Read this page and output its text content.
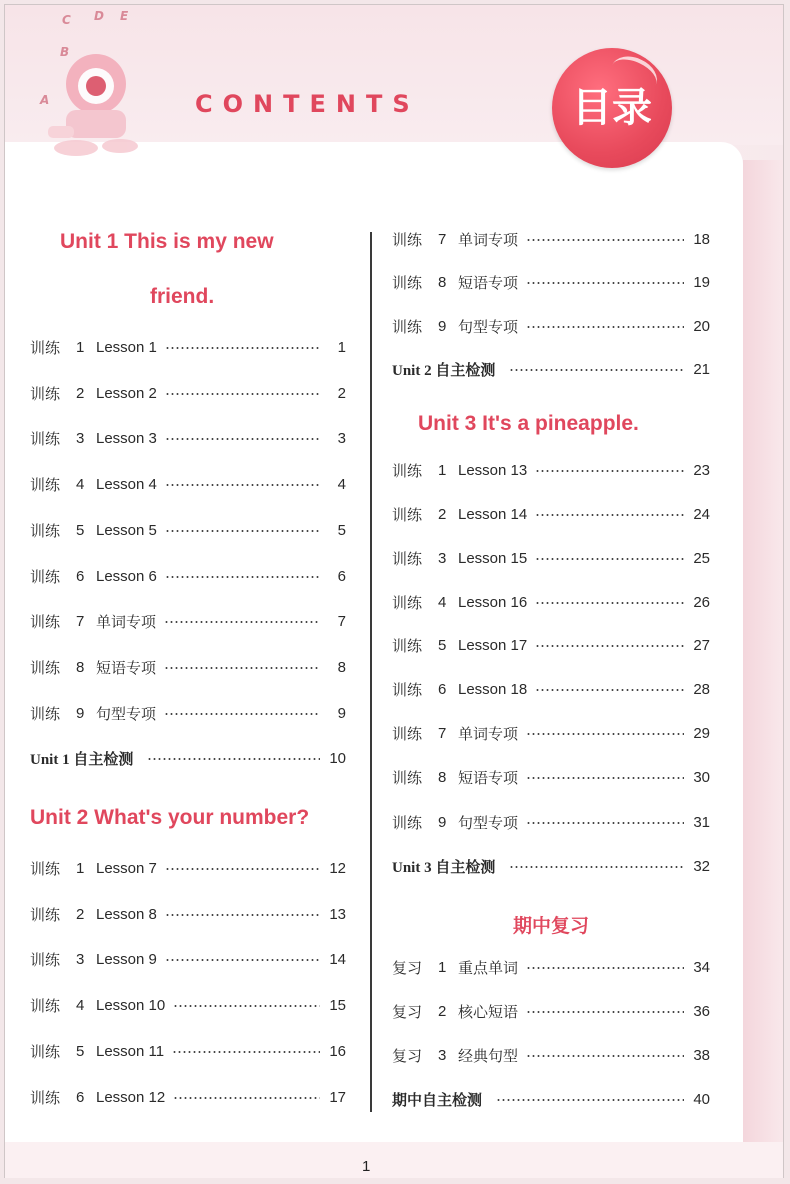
A
B
C D E
CONTENTS	目录
Unit 1 This is my new
friend.
训练	1 Lesson 1	1
训练	2 Lesson 2	2
训练	3 Lesson 3	3
训练	4 Lesson 4	4
训练	5 Lesson 5	5
训练	6 Lesson 6	6
训练	7 单词专项	7
训练	8 短语专项	8
训练	9 句型专项	9
Unit 1 自主检测	10
Unit 2 What's your number?
训练	1 Lesson 7	12
训练	2 Lesson 8	13
训练	3 Lesson 9	14
训练	4 Lesson 10	15
训练	5 Lesson 11	16
训练	6 Lesson 12	17
训练	7 单词专项	18
训练	8 短语专项	19
训练	9 句型专项	20
Unit 2 自主检测	21
Unit 3 It's a pineapple.
训练	1 Lesson 13	23
训练	2 Lesson 14	24
训练	3 Lesson 15	25
训练	4 Lesson 16	26
训练	5 Lesson 17	27
训练	6 Lesson 18	28
训练	7 单词专项	29
训练	8 短语专项	30
训练	9 句型专项	31
Unit 3 自主检测	32
期中复习
复习	1 重点单词	34
复习	2 核心短语	36
复习	3 经典句型	38
期中自主检测	40
1
